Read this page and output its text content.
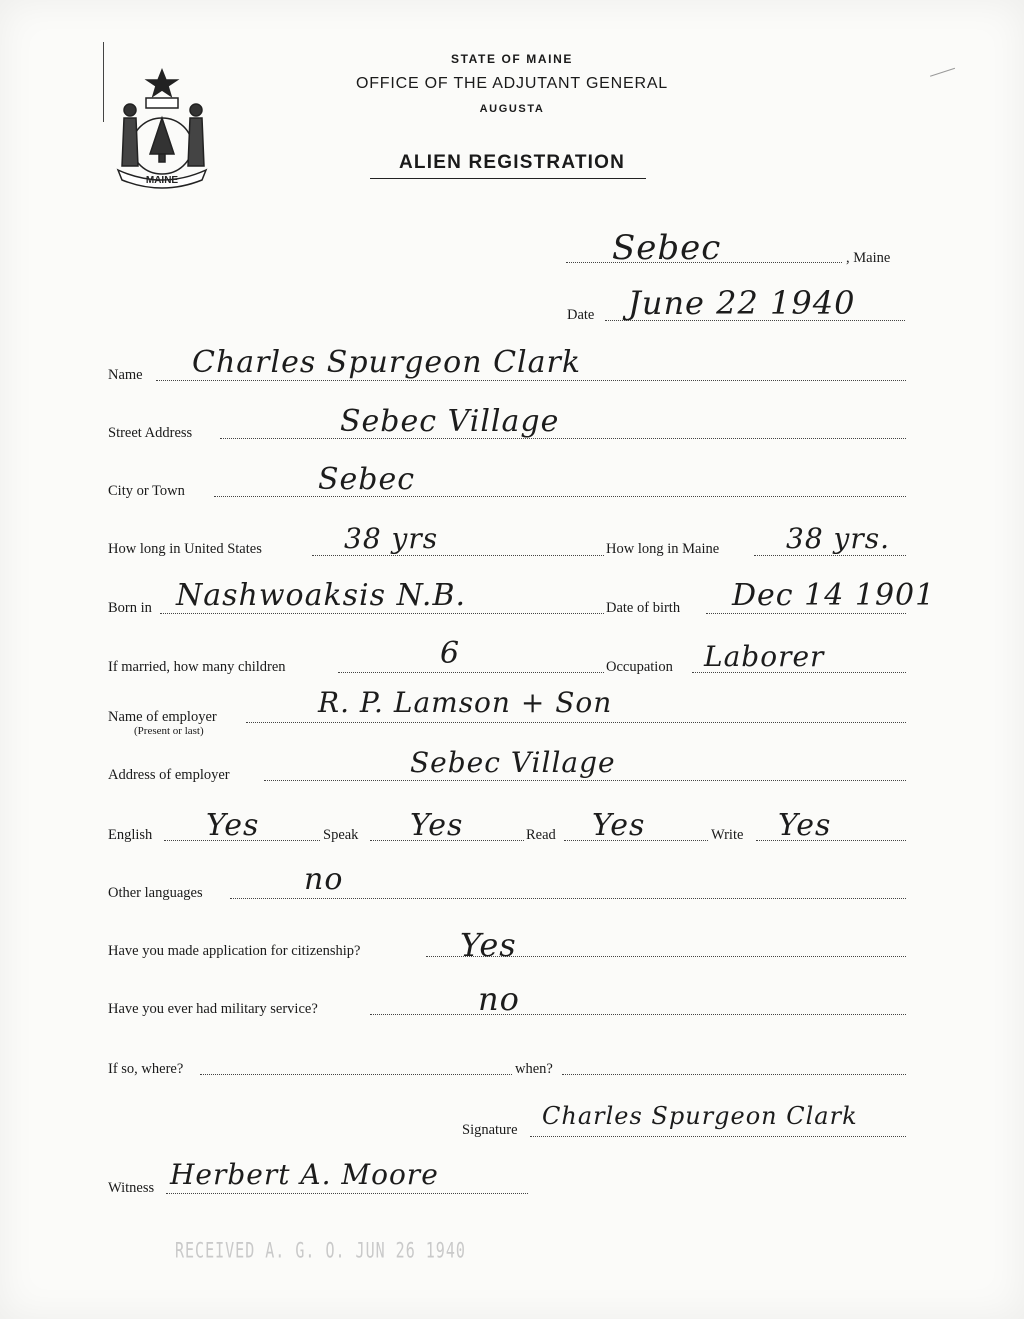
MAINE
STATE OF MAINE
OFFICE OF THE ADJUTANT GENERAL
AUGUSTA
ALIEN REGISTRATION
Sebec	, Maine
Date June 22 1940
Name Charles Spurgeon Clark
Street Address	Sebec Village
City or Town	Sebec
How long in United States	38 yrs	How long in Maine 38 yrs.
Born in Nashwoaksis N.B.	Date of birth Dec 14 1901
If married, how many children	6	Occupation Laborer
Name of employer
(Present or last)
R. P. Lamson + Son
Address of employer	Sebec Village
English Yes	Speak Yes	Read Yes	Write Yes
Other languages	no
Have you made application for citizenship?	Yes
Have you ever had military service?	no
If so, where?	when?
Signature Charles Spurgeon Clark
Witness Herbert A. Moore
RECEIVED A. G. O. JUN 26 1940
